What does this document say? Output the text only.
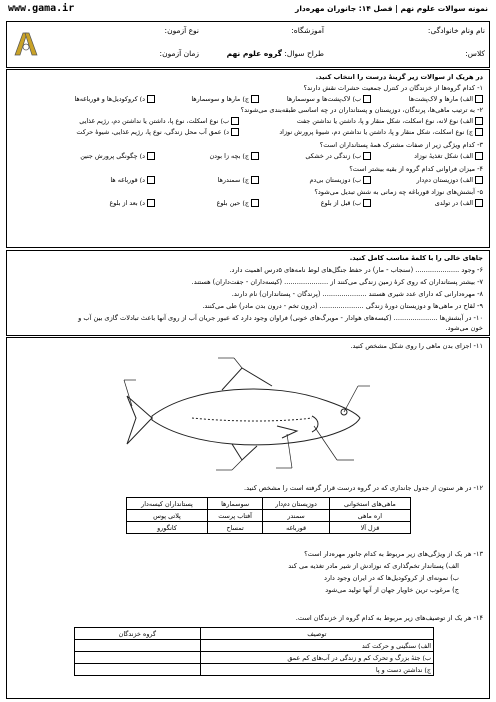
www.gama.ir	نمونه سوالات علوم نهم | فصل ۱۴: جانوران مهره‌دار
نام ونام خانوادگی:
آموزشگاه:
نوع آزمون:
کلاس:
طراح سوال: گروه علوم نهم
زمان آزمون:
در هریک از سوالات زیر گزینهٔ درست را انتخاب کنید.
۱- کدام گروه‌ها از خزندگان در کنترل جمعیت حشرات نقش دارند؟
الف) مارها و لاک‌پشت‌ها
ب) لاک‌پشت‌ها و سوسمارها
ج) مارها و سوسمارها
د) کروکودیل‌ها و قورباغه‌ها
۲- به ترتیب ماهی‌ها، پرندگان، دوزیستان و پستانداران در چه اساسی طبقه‌بندی می‌شوند؟
الف) نوع لانه، نوع اسکلت، شکل منقار و پا، داشتن یا نداشتن جفت
ب) نوع اسکلت، نوع پا، داشتن یا نداشتن دم، رژیم غذایی
ج) نوع اسکلت، شکل منقار و پا، داشتن یا نداشتن دم، شیوهٔ پرورش نوزاد
د) عمق آب محل زندگی، نوع پا، رژیم غذایی، شیوهٔ حرکت
۳- کدام ویژگی زیر از صفات مشترک همهٔ پستانداران است؟
الف) شکل تغذیهٔ نوزاد
ب) زندگی در خشکی
ج) بچه زا بودن
د) چگونگی پرورش جنین
۴- میزان فراوانی کدام گروه از بقیه بیشتر است؟
الف) دوزیستان دم‌دار
ب) دوزیستان بی‌دم
ج) سمندرها
د) قورباغه ها
۵- آبشش‌های نوزاد قورباغه چه زمانی به شش تبدیل می‌شود؟
الف) در تولدی
ب) قبل از بلوغ
ج) حین بلوغ
د) بعد از بلوغ
جاهای خالی را با کلمهٔ مناسب کامل کنید.
۶- وجود ..................... (سنجاب - مار) در حفظ جنگل‌های لوط نامه‌های ۵درس اهمیت دارد.
۷- بیشتر پستانداران که روی کرهٔ زمین زندگی می‌کنند از ..................... (کیسه‌داران - جفت‌داران) هستند.
۸- مهره‌دارانی که دارای عدد شیری هستند ..................... (پرندگان - پستانداران) نام دارند.
۹- لقاح در ماهی‌ها و دوزیستان دورهٔ زندگی ..................... (درون تخم - درون بدن مادر) طی می‌کنند.
۱۰- در آبشش‌ها ..................... (کیسه‌های هوادار - مویرگ‌های خونی) فراوان وجود دارد که عبور جریان آب از روی آنها باعث تبادلات گازی بین آب و
خون می‌شود.
۱۱- اجزای بدن ماهی را روی شکل مشخص کنید.
۱۲- در هر ستون از جدول جانداری که در گروه درست قرار گرفته است را مشخص کنید.
ماهی‌های استخوانی	دوزیستان دم‌دار	سوسمارها	پستانداران کیسه‌دار
اره ماهی	سمندر	آفتاب پرست	پلاتی پوس
قزل آلا	قورباغه	تمساح	کانگورو
۱۳- هر یک از ویژگی‌های زیر مربوط به کدام جانور مهره‌دار است؟
الف) پستاندار تخم‌گذاری که نوزادش از شیر مادر تغذیه می کند
ب) نمونه‌ای از کروکودیل‌ها که در ایران وجود دارد
ج) مرغوب ترین خاویار جهان از آنها تولید می‌شود
۱۴- هر یک از توصیف‌های زیر مربوط به کدام گروه از خزندگان است.
توصیف	گروه خزندگان
الف) سنگینی و حرکت کند	
ب) جثهٔ بزرگ و تحرک کم و زندگی در آب‌های کم عمق	
ج) نداشتن دست و پا	
